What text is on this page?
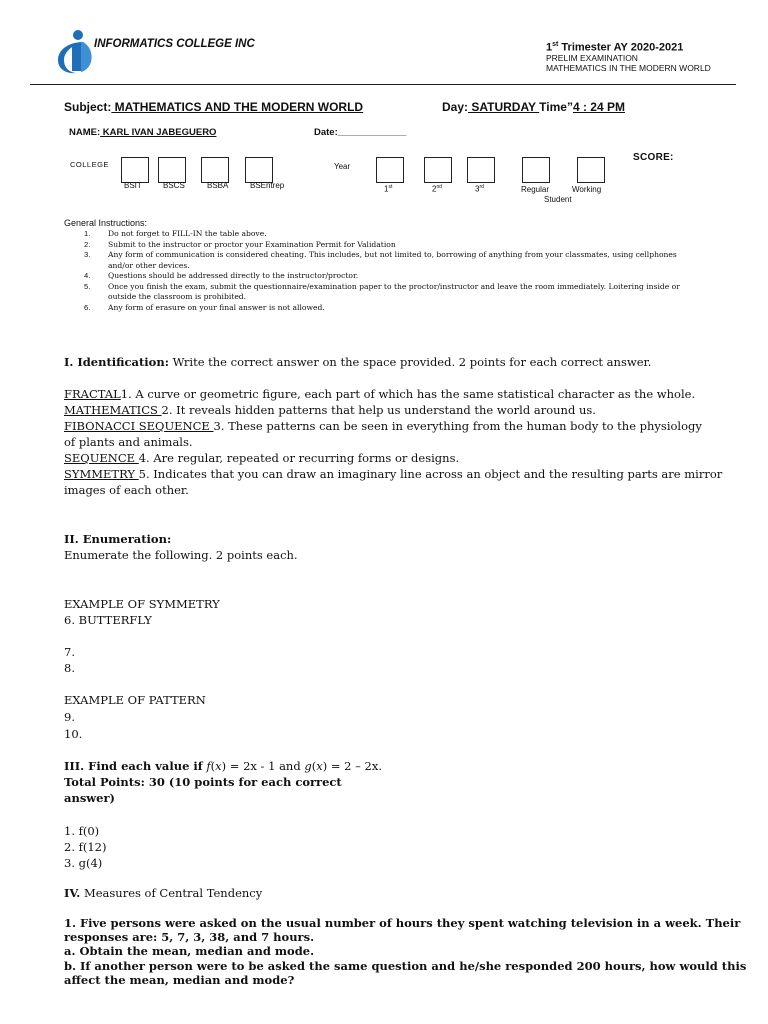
INFORMATICS COLLEGE INC	1st Trimester AY 2020-2021
PRELIM EXAMINATION
MATHEMATICS IN THE MODERN WORLD
Subject: MATHEMATICS AND THE MODERN WORLD	Day: SATURDAY Time”4 : 24 PM
NAME: KARL IVAN JABEGUERO	Date:_____________
COLLEGE
BSIT	BSCS	BSBA	BSEntrep
Year
1st	2nd	3rd	Regular	Working
Student
SCORE:
General Instructions:
1.	Do not forget to FILL-IN the table above.
2.	Submit to the instructor or proctor your Examination Permit for Validation
3.	Any form of communication is considered cheating. This includes, but not limited to, borrowing of anything from your classmates, using cellphones and/or other devices.
4.	Questions should be addressed directly to the instructor/proctor.
5.	Once you finish the exam, submit the questionnaire/examination paper to the proctor/instructor and leave the room immediately. Loitering inside or outside the classroom is prohibited.
6.	Any form of erasure on your final answer is not allowed.
I. Identification: Write the correct answer on the space provided. 2 points for each correct answer.
FRACTAL1. A curve or geometric figure, each part of which has the same statistical character as the whole.
MATHEMATICS 2. It reveals hidden patterns that help us understand the world around us.
FIBONACCI SEQUENCE 3. These patterns can be seen in everything from the human body to the physiology of plants and animals.
SEQUENCE 4. Are regular, repeated or recurring forms or designs.
SYMMETRY 5. Indicates that you can draw an imaginary line across an object and the resulting parts are mirror images of each other.
II. Enumeration:
Enumerate the following. 2 points each.
EXAMPLE OF SYMMETRY
6. BUTTERFLY
7.
8.
EXAMPLE OF PATTERN
9.
10.
III. Find each value if f(x) = 2x - 1 and g(x) = 2 – 2x.
Total Points: 30 (10 points for each correct
answer)
1. f(0)
2. f(12)
3. g(4)
IV. Measures of Central Tendency
1. Five persons were asked on the usual number of hours they spent watching television in a week. Their
responses are: 5, 7, 3, 38, and 7 hours.
a. Obtain the mean, median and mode.
b. If another person were to be asked the same question and he/she responded 200 hours, how would this
affect the mean, median and mode?
